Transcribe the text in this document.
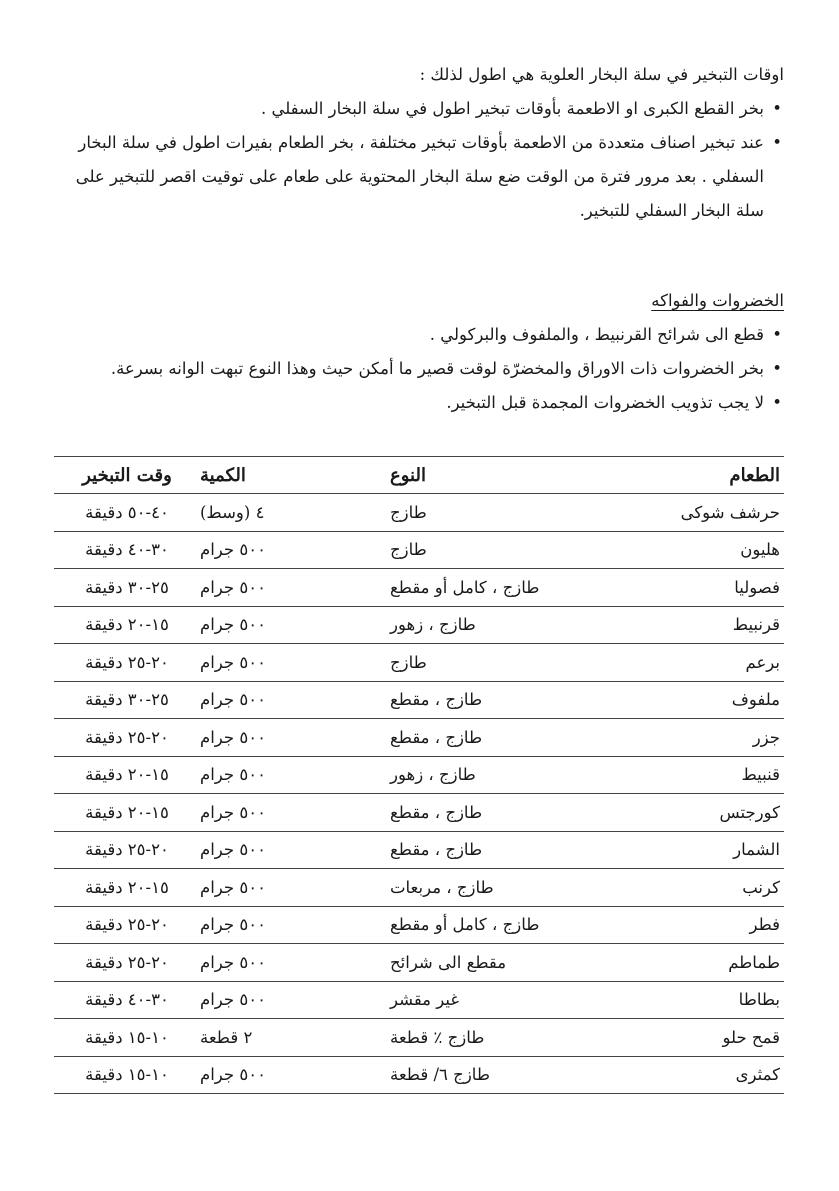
اوقات التبخير في سلة البخار العلوية هي اطول لذلك :

• بخر القطع الكبرى او الاطعمة بأوقات تبخير اطول في سلة البخار السفلي .
• عند تبخير اصناف متعددة من الاطعمة بأوقات تبخير مختلفة ، بخر الطعام بفيرات اطول في سلة البخار السفلي . بعد مرور فترة من الوقت ضع سلة البخار المحتوية على طعام على توقيت اقصر للتبخير على سلة البخار السفلي للتبخير.

الخضروات والفواكه

• قطع الى شرائح القرنبيط ، والملفوف والبركولي .
• بخر الخضروات ذات الاوراق والمخضرّة لوقت قصير ما أمكن حيث وهذا النوع تبهت الوانه بسرعة.
• لا يجب تذويب الخضروات المجمدة قبل التبخير.
الطعام	النوع	الكمية	وقت التبخير
حرشف شوكى	طازج	٤ (وسط)	٤٠-٥٠ دقيقة
هليون	طازج	٥٠٠ جرام	٣٠-٤٠ دقيقة
فصوليا	طازج ، كامل أو مقطع	٥٠٠ جرام	٢٥-٣٠ دقيقة
قرنبيط	طازج ، زهور	٥٠٠ جرام	١٥-٢٠ دقيقة
برعم	طازج	٥٠٠ جرام	٢٠-٢٥ دقيقة
ملفوف	طازج ، مقطع	٥٠٠ جرام	٢٥-٣٠ دقيقة
جزر	طازج ، مقطع	٥٠٠ جرام	٢٠-٢٥ دقيقة
قنبيط	طازج ، زهور	٥٠٠ جرام	١٥-٢٠ دقيقة
كورجتس	طازج ، مقطع	٥٠٠ جرام	١٥-٢٠ دقيقة
الشمار	طازج ، مقطع	٥٠٠ جرام	٢٠-٢٥ دقيقة
كرنب	طازج ، مربعات	٥٠٠ جرام	١٥-٢٠ دقيقة
فطر	طازج ، كامل أو مقطع	٥٠٠ جرام	٢٠-٢٥ دقيقة
طماطم	مقطع الى شرائح	٥٠٠ جرام	٢٠-٢٥ دقيقة
بطاطا	غير مقشر	٥٠٠ جرام	٣٠-٤٠ دقيقة
قمح حلو	طازج ٪ قطعة	٢ قطعة	١٠-١٥ دقيقة
كمثرى	طازج ٦/ قطعة	٥٠٠ جرام	١٠-١٥ دقيقة
